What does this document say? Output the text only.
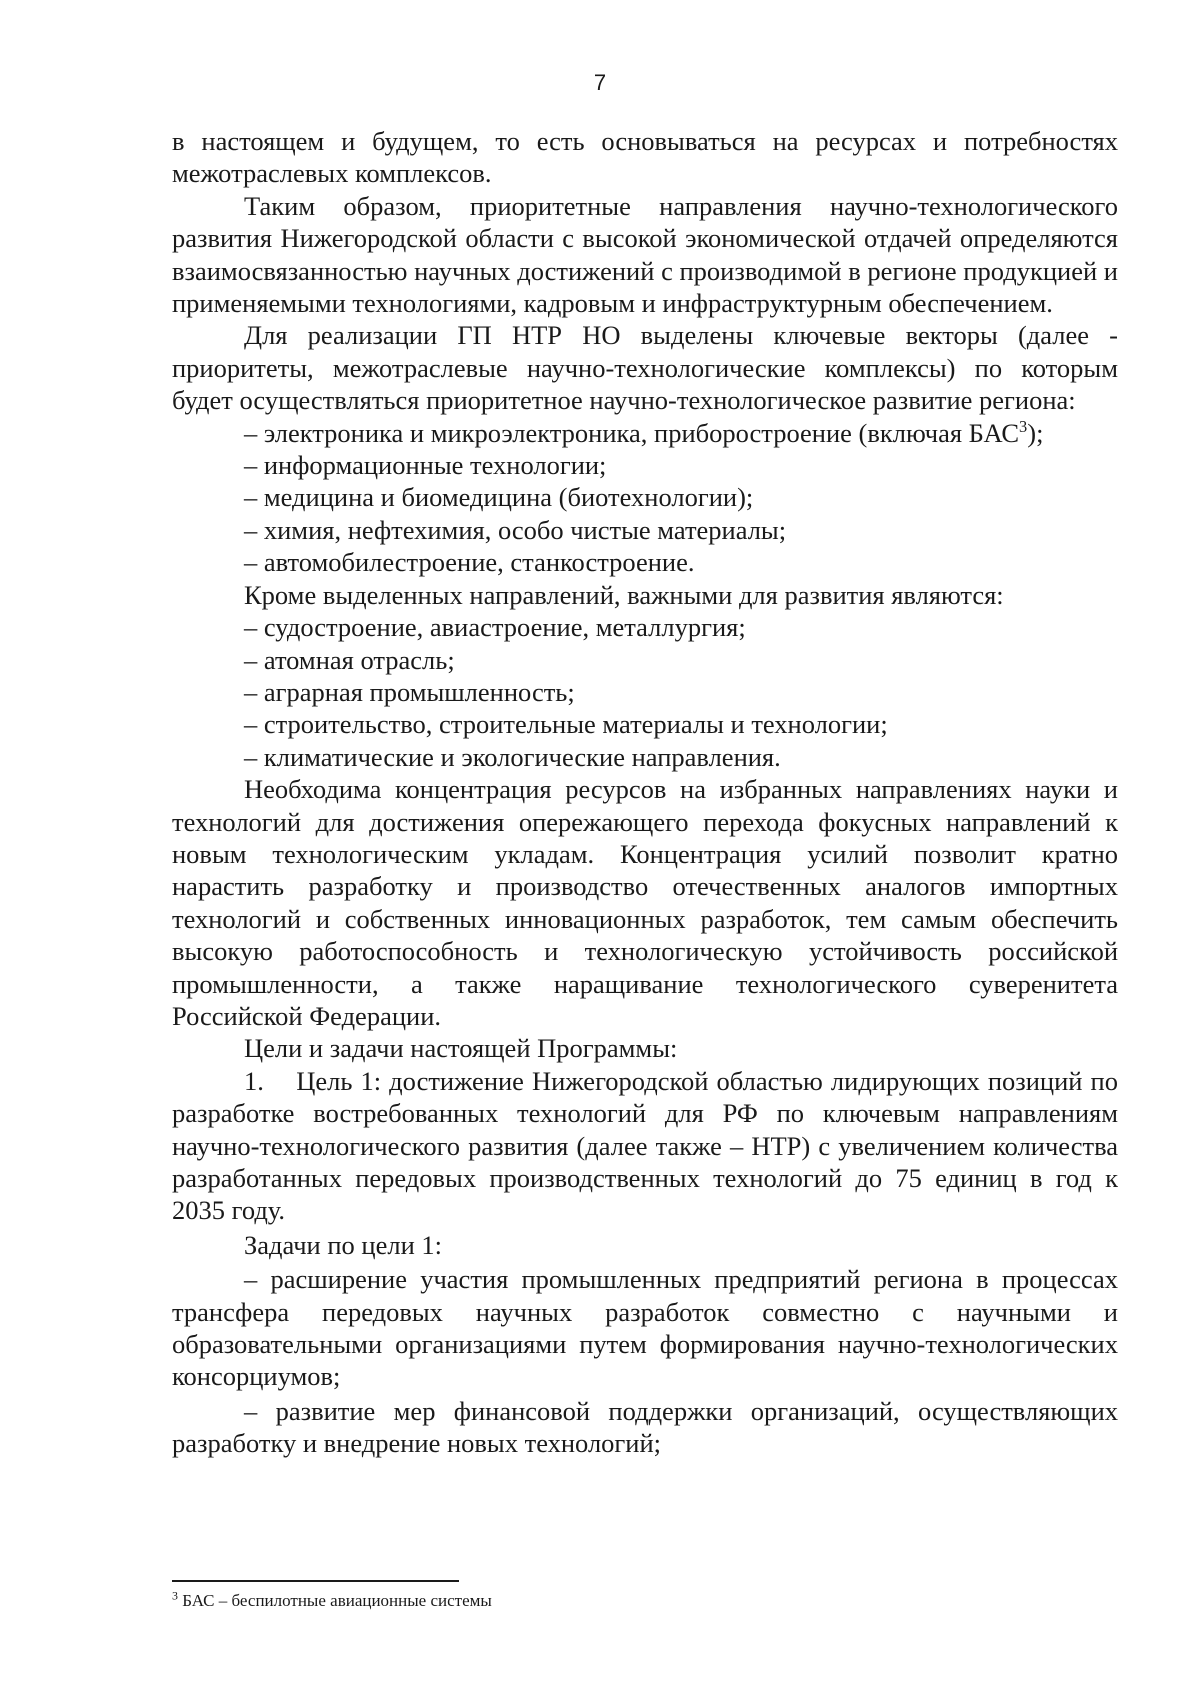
7

в настоящем и будущем, то есть основываться на ресурсах и потребностях межотраслевых комплексов.

Таким образом, приоритетные направления научно-технологического развития Нижегородской области с высокой экономической отдачей определяются взаимосвязанностью научных достижений с производимой в регионе продукцией и применяемыми технологиями, кадровым и инфраструктурным обеспечением.

Для реализации ГП НТР НО выделены ключевые векторы (далее - приоритеты, межотраслевые научно-технологические комплексы) по которым будет осуществляться приоритетное научно-технологическое развитие региона:

– электроника и микроэлектроника, приборостроение (включая БАС$^3$);

– информационные технологии;

– медицина и биомедицина (биотехнологии);

– химия, нефтехимия, особо чистые материалы;

– автомобилестроение, станкостроение.

Кроме выделенных направлений, важными для развития являются:

– судостроение, авиастроение, металлургия;

– атомная отрасль;

– аграрная промышленность;

– строительство, строительные материалы и технологии;

– климатические и экологические направления.

Необходима концентрация ресурсов на избранных направлениях науки и технологий для достижения опережающего перехода фокусных направлений к новым технологическим укладам. Концентрация усилий позволит кратно нарастить разработку и производство отечественных аналогов импортных технологий и собственных инновационных разработок, тем самым обеспечить высокую работоспособность и технологическую устойчивость российской промышленности, а также наращивание технологического суверенитета Российской Федерации.

Цели и задачи настоящей Программы:

1.    Цель 1: достижение Нижегородской областью лидирующих позиций по разработке востребованных технологий для РФ по ключевым направлениям научно-технологического развития (далее также – НТР) с увеличением количества разработанных передовых производственных технологий до 75 единиц в год к 2035 году.

Задачи по цели 1:

– расширение участия промышленных предприятий региона в процессах трансфера передовых научных разработок совместно с научными и образовательными организациями путем формирования научно-технологических консорциумов;

– развитие мер финансовой поддержки организаций, осуществляющих разработку и внедрение новых технологий;

$^3$ БАС – беспилотные авиационные системы
